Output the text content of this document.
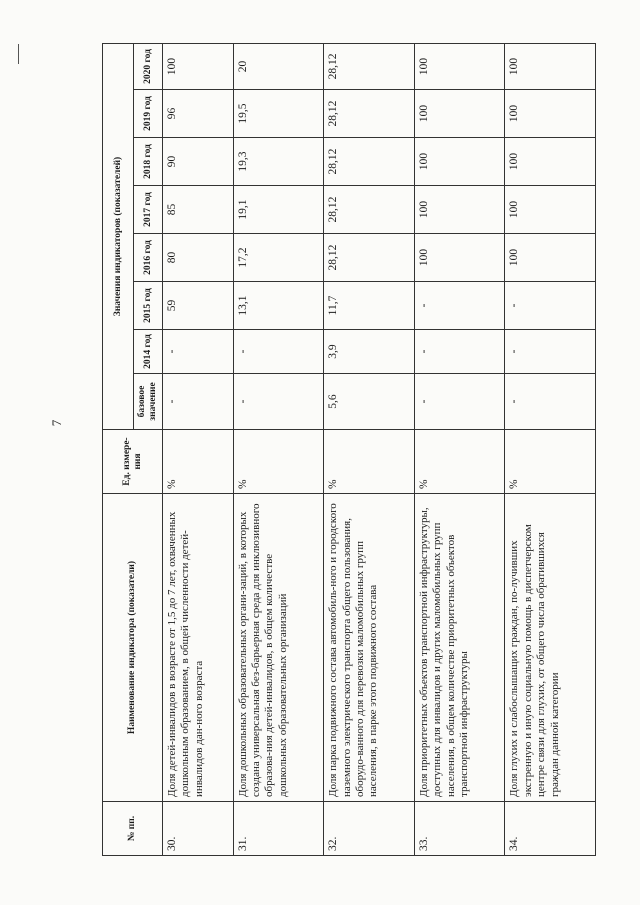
7
№ пп.	Наименование индикатора (показатели)	Ед. измере- ния	Значения индикаторов (показателей)							
			базовое значение	2014 год	2015 год	2016 год	2017 год	2018 год	2019 год	2020 год
30.	Доля детей-инвалидов в возрасте от 1,5 до 7 лет, охваченных дошкольным образованием, в общей численности детей-инвалидов дан-ного возраста	%	-	-	59	80	85	90	96	100
31.	Доля дошкольных образовательных органи-заций, в которых создана универсальная без-барьерная среда для инклюзивного образова-ния детей-инвалидов, в общем количестве дошкольных образовательных организаций	%	-	-	13,1	17,2	19,1	19,3	19,5	20
32.	Доля парка подвижного состава автомобиль-ного и городского наземного электрического транспорта общего пользования, оборудо-ванного для перевозки маломобильных групп населения, в парке этого подвижного состава	%	5,6	3,9	11,7	28,12	28,12	28,12	28,12	28,12
33.	Доля приоритетных объектов транспортной инфраструктуры, доступных для инвалидов и других маломобильных групп населения, в общем количестве приоритетных объектов транспортной инфраструктуры	%	-	-	-	100	100	100	100	100
34.	Доля глухих и слабослышащих граждан, по-лучивших экстренную и иную социальную помощь в диспетчерском центре связи для глухих, от общего числа обратившихся граждан данной категории	%	-	-	-	100	100	100	100	100
